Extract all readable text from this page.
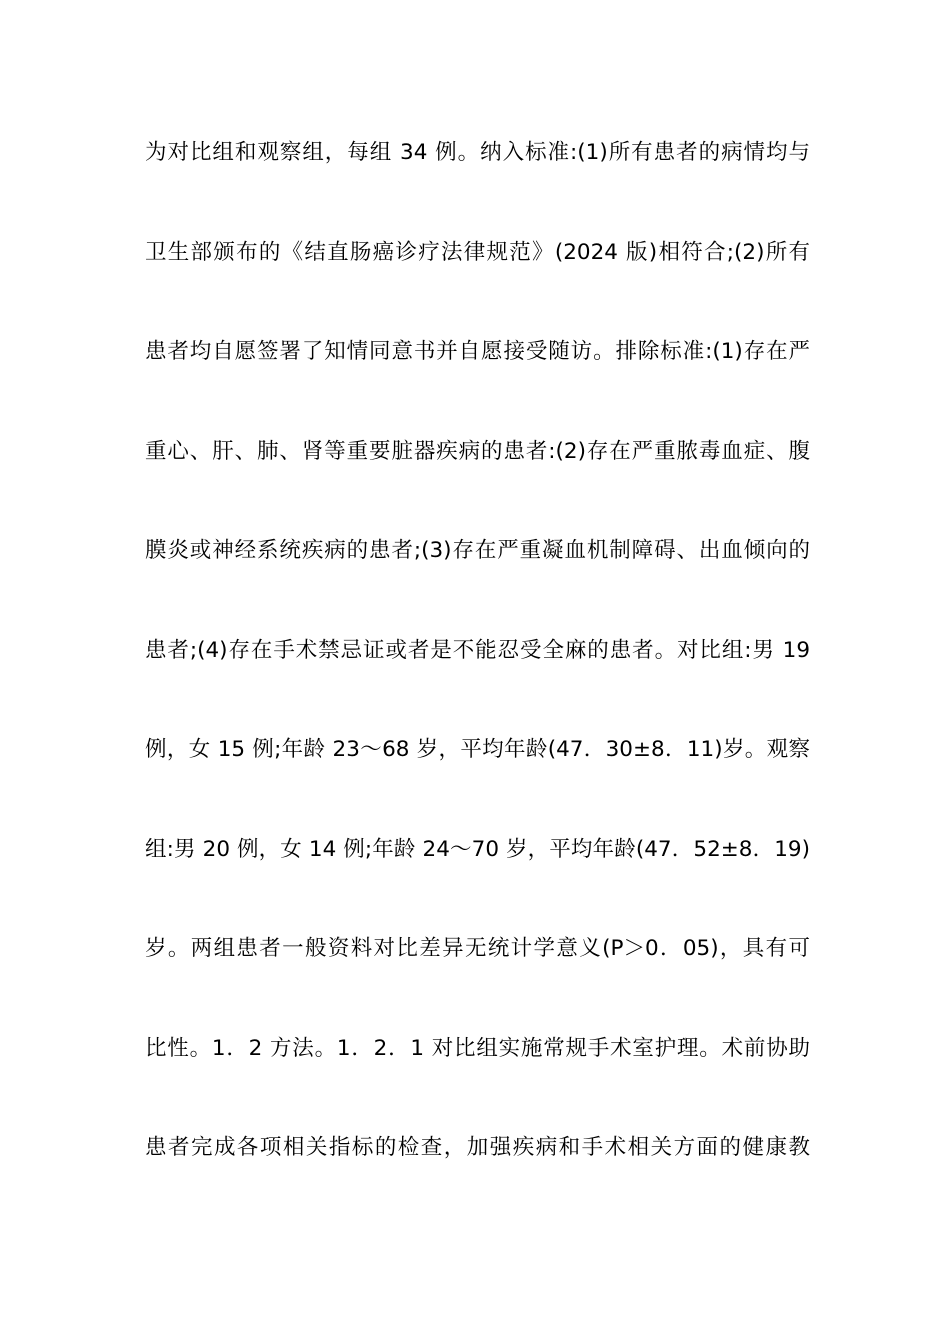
为对比组和观察组，每组 34 例。纳入标准:(1)所有患者的病情均与
卫生部颁布的《结直肠癌诊疗法律规范》(2024 版)相符合;(2)所有
患者均自愿签署了知情同意书并自愿接受随访。排除标准:(1)存在严
重心、肝、肺、肾等重要脏器疾病的患者:(2)存在严重脓毒血症、腹
膜炎或神经系统疾病的患者;(3)存在严重凝血机制障碍、出血倾向的
患者;(4)存在手术禁忌证或者是不能忍受全麻的患者。对比组:男 19
例，女 15 例;年龄 23～68 岁，平均年龄(47．30±8．11)岁。观察
组:男 20 例，女 14 例;年龄 24～70 岁，平均年龄(47．52±8．19)
岁。两组患者一般资料对比差异无统计学意义(P＞0．05)，具有可
比性。1．2 方法。1．2．1 对比组实施常规手术室护理。术前协助
患者完成各项相关指标的检查，加强疾病和手术相关方面的健康教
